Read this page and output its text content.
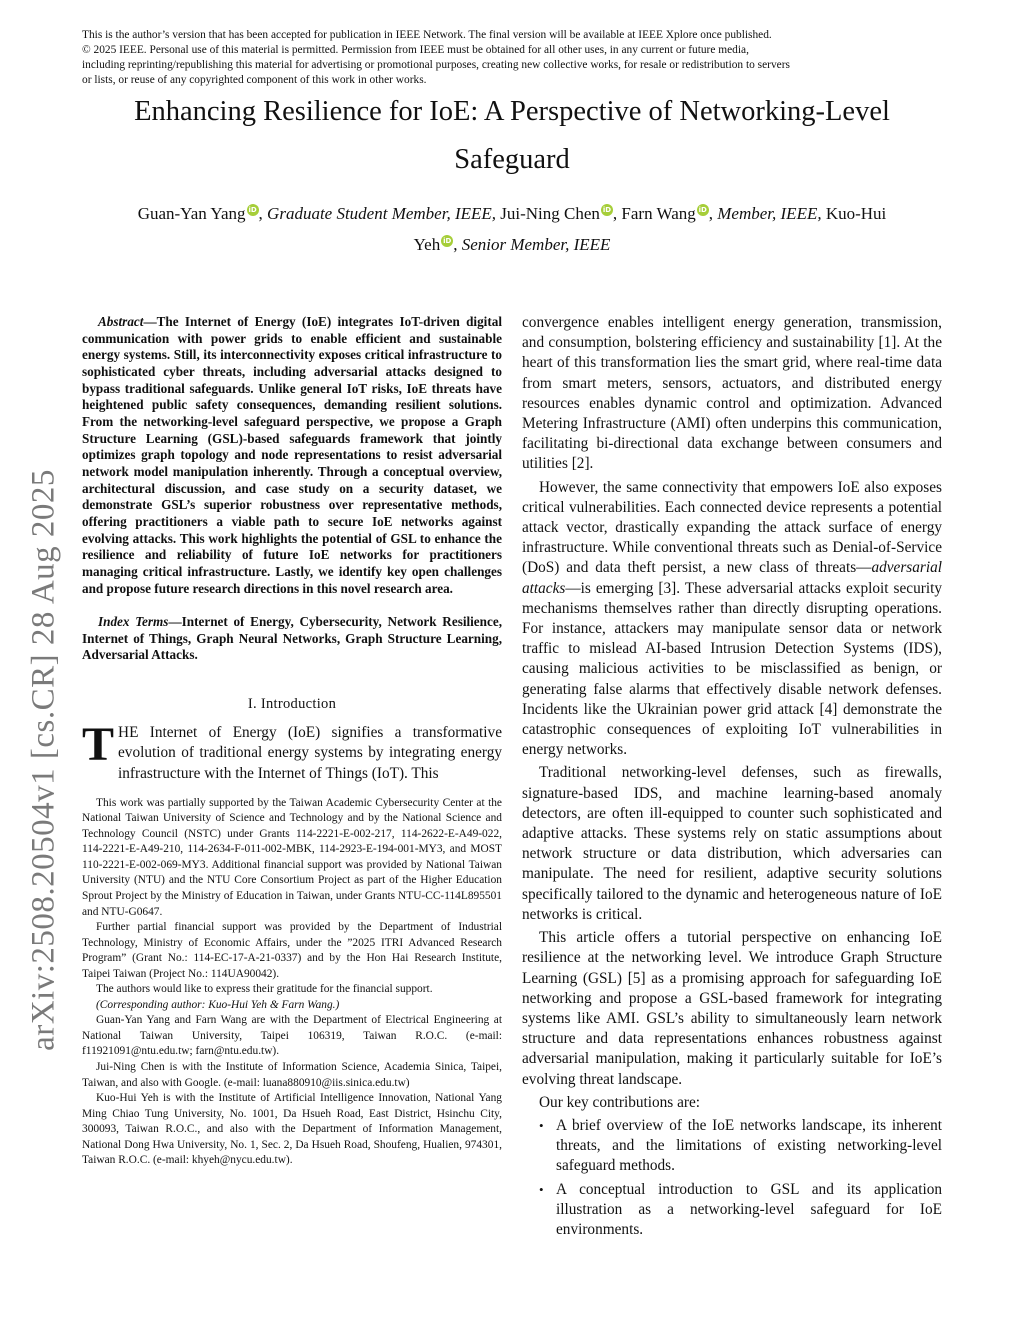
This is the author’s version that has been accepted for publication in IEEE Network. The final version will be available at IEEE Xplore once published.
© 2025 IEEE. Personal use of this material is permitted. Permission from IEEE must be obtained for all other uses, in any current or future media,
including reprinting/republishing this material for advertising or promotional purposes, creating new collective works, for resale or redistribution to servers
or lists, or reuse of any copyrighted component of this work in other works.
Enhancing Resilience for IoE: A Perspective of Networking-Level
Safeguard
Guan-Yan Yang iD , Graduate Student Member, IEEE, Jui-Ning Chen iD , Farn Wang iD , Member, IEEE, Kuo-Hui
Yeh iD , Senior Member, IEEE
arXiv:2508.20504v1 [cs.CR] 28 Aug 2025

Abstract—The Internet of Energy (IoE) integrates IoT-driven digital communication with power grids to enable efficient and sustainable energy systems. Still, its interconnectivity exposes critical infrastructure to sophisticated cyber threats, including adversarial attacks designed to bypass traditional safeguards. Unlike general IoT risks, IoE threats have heightened public safety consequences, demanding resilient solutions. From the networking-level safeguard perspective, we propose a Graph Structure Learning (GSL)-based safeguards framework that jointly optimizes graph topology and node representations to resist adversarial network model manipulation inherently. Through a conceptual overview, architectural discussion, and case study on a security dataset, we demonstrate GSL’s superior robustness over representative methods, offering practitioners a viable path to secure IoE networks against evolving attacks. This work highlights the potential of GSL to enhance the resilience and reliability of future IoE networks for practitioners managing critical infrastructure. Lastly, we identify key open challenges and propose future research directions in this novel research area.

Index Terms—Internet of Energy, Cybersecurity, Network Resilience, Internet of Things, Graph Neural Networks, Graph Structure Learning, Adversarial Attacks.

I. Introduction
THE Internet of Energy (IoE) signifies a transformative evolution of traditional energy systems by integrating energy infrastructure with the Internet of Things (IoT). This

This work was partially supported by the Taiwan Academic Cybersecurity Center at the National Taiwan University of Science and Technology and by the National Science and Technology Council (NSTC) under Grants 114-2221-E-002-217, 114-2622-E-A49-022, 114-2221-E-A49-210, 114-2634-F-011-002-MBK, 114-2923-E-194-001-MY3, and MOST 110-2221-E-002-069-MY3. Additional financial support was provided by National Taiwan University (NTU) and the NTU Core Consortium Project as part of the Higher Education Sprout Project by the Ministry of Education in Taiwan, under Grants NTU-CC-114L895501 and NTU-G0647.

Further partial financial support was provided by the Department of Industrial Technology, Ministry of Economic Affairs, under the ”2025 ITRI Advanced Research Program” (Grant No.: 114-EC-17-A-21-0337) and by the Hon Hai Research Institute, Taipei Taiwan (Project No.: 114UA90042).

The authors would like to express their gratitude for the financial support.

(Corresponding author: Kuo-Hui Yeh & Farn Wang.)

Guan-Yan Yang and Farn Wang are with the Department of Electrical Engineering at National Taiwan University, Taipei 106319, Taiwan R.O.C. (e-mail: f11921091@ntu.edu.tw; farn@ntu.edu.tw).

Jui-Ning Chen is with the Institute of Information Science, Academia Sinica, Taipei, Taiwan, and also with Google. (e-mail: luana880910@iis.sinica.edu.tw)

Kuo-Hui Yeh is with the Institute of Artificial Intelligence Innovation, National Yang Ming Chiao Tung University, No. 1001, Da Hsueh Road, East District, Hsinchu City, 300093, Taiwan R.O.C., and also with the Department of Information Management, National Dong Hwa University, No. 1, Sec. 2, Da Hsueh Road, Shoufeng, Hualien, 974301, Taiwan R.O.C. (e-mail: khyeh@nycu.edu.tw).

convergence enables intelligent energy generation, transmission, and consumption, bolstering efficiency and sustainability [1]. At the heart of this transformation lies the smart grid, where real-time data from smart meters, sensors, actuators, and distributed energy resources enables dynamic control and optimization. Advanced Metering Infrastructure (AMI) often underpins this communication, facilitating bi-directional data exchange between consumers and utilities [2].

However, the same connectivity that empowers IoE also exposes critical vulnerabilities. Each connected device represents a potential attack vector, drastically expanding the attack surface of energy infrastructure. While conventional threats such as Denial-of-Service (DoS) and data theft persist, a new class of threats—adversarial attacks—is emerging [3]. These adversarial attacks exploit security mechanisms themselves rather than directly disrupting operations. For instance, attackers may manipulate sensor data or network traffic to mislead AI-based Intrusion Detection Systems (IDS), causing malicious activities to be misclassified as benign, or generating false alarms that effectively disable network defenses. Incidents like the Ukrainian power grid attack [4] demonstrate the catastrophic consequences of exploiting IoT vulnerabilities in energy networks.

Traditional networking-level defenses, such as firewalls, signature-based IDS, and machine learning-based anomaly detectors, are often ill-equipped to counter such sophisticated and adaptive attacks. These systems rely on static assumptions about network structure or data distribution, which adversaries can manipulate. The need for resilient, adaptive security solutions specifically tailored to the dynamic and heterogeneous nature of IoE networks is critical.

This article offers a tutorial perspective on enhancing IoE resilience at the networking level. We introduce Graph Structure Learning (GSL) [5] as a promising approach for safeguarding IoE networking and propose a GSL-based framework for integrating systems like AMI. GSL’s ability to simultaneously learn network structure and data representations enhances robustness against adversarial manipulation, making it particularly suitable for IoE’s evolving threat landscape.

Our key contributions are:

• A brief overview of the IoE networks landscape, its inherent threats, and the limitations of existing networking-level safeguard methods.
• A conceptual introduction to GSL and its application illustration as a networking-level safeguard for IoE environments.
